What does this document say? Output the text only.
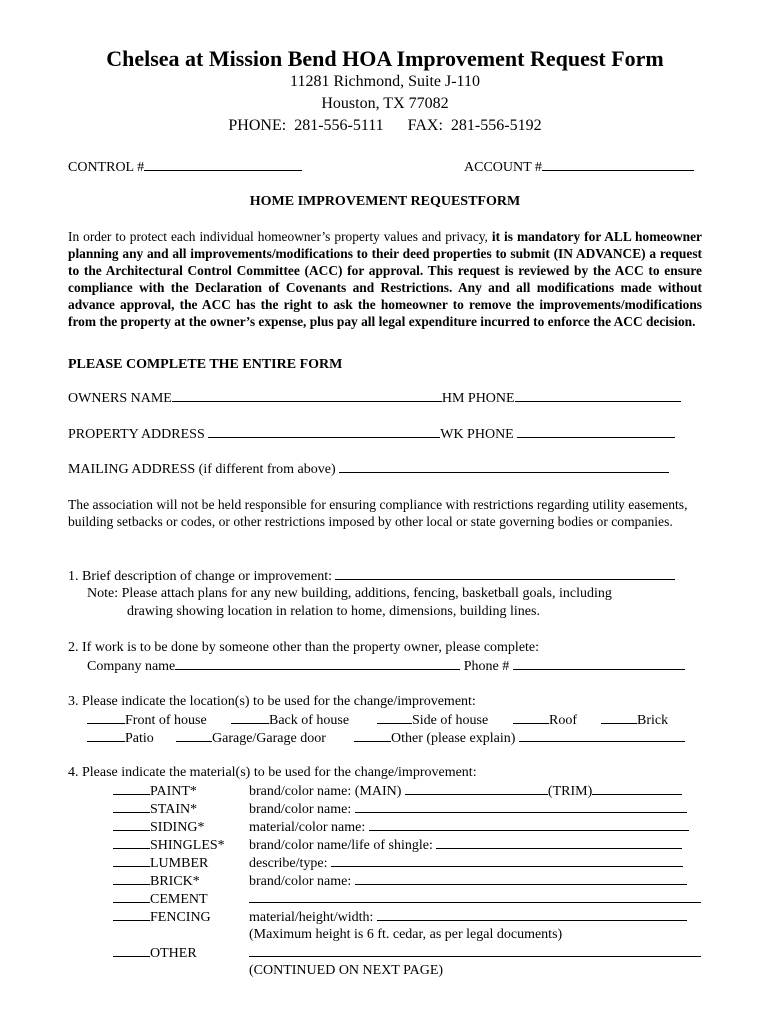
Chelsea at Mission Bend HOA Improvement Request Form
11281 Richmond, Suite J-110
Houston, TX 77082
PHONE:  281-556-5111      FAX:  281-556-5192
CONTROL #	ACCOUNT #
HOME IMPROVEMENT REQUESTFORM
In order to protect each individual homeowner’s property values and privacy, it is mandatory for ALL homeowner planning any and all improvements/modifications to their deed properties to submit (IN ADVANCE) a request to the Architectural Control Committee (ACC) for approval. This request is reviewed by the ACC to ensure compliance with the Declaration of Covenants and Restrictions. Any and all modifications made without advance approval, the ACC has the right to ask the homeowner to remove the improvements/modifications from the property at the owner’s expense, plus pay all legal expenditure incurred to enforce the ACC decision.
PLEASE COMPLETE THE ENTIRE FORM
OWNERS NAME	HM PHONE
PROPERTY ADDRESS	WK PHONE
MAILING ADDRESS (if different from above)
The association will not be held responsible for ensuring compliance with restrictions regarding utility easements, building setbacks or codes, or other restrictions imposed by other local or state governing bodies or companies.
1. Brief description of change or improvement:
Note: Please attach plans for any new building, additions, fencing, basketball goals, including
drawing showing location in relation to home, dimensions, building lines.
2. If work is to be done by someone other than the property owner, please complete:
Company name	Phone #
3. Please indicate the location(s) to be used for the change/improvement:
Front of house	Back of house	Side of house	Roof	Brick
Patio	Garage/Garage door	Other (please explain)
4. Please indicate the material(s) to be used for the change/improvement:
PAINT*	brand/color name: (MAIN)	(TRIM)
STAIN*	brand/color name:
SIDING*	material/color name:
SHINGLES* brand/color name/life of shingle:
LUMBER	describe/type:
BRICK*	brand/color name:
CEMENT
FENCING	material/height/width:
(Maximum height is 6 ft. cedar, as per legal documents)
OTHER
(CONTINUED ON NEXT PAGE)
